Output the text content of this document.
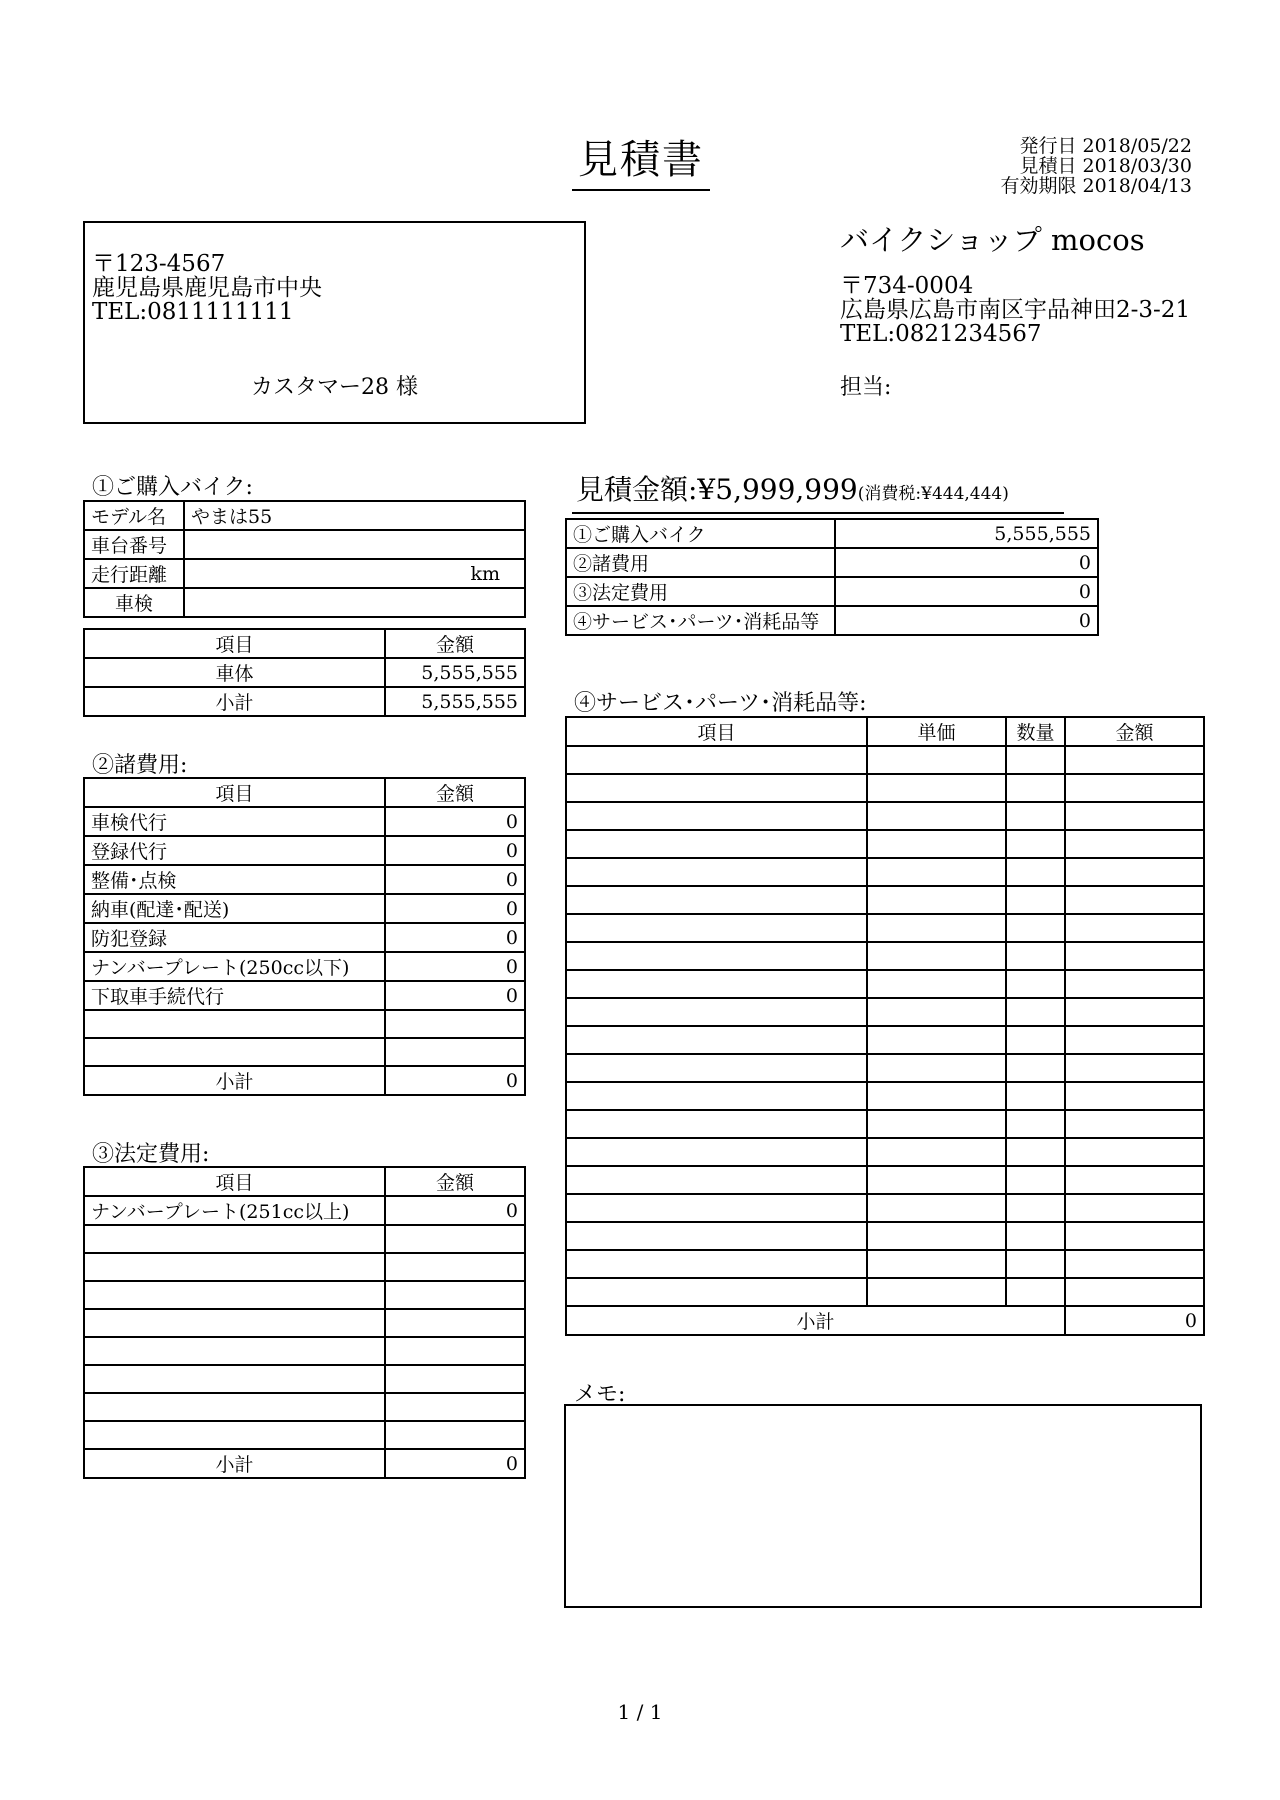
見積書	発行日 2018/05/22
見積日 2018/03/30
有効期限 2018/04/13
〒123-4567
鹿児島県鹿児島市中央
TEL:0811111111
カスタマー28 様
バイクショップ mocos
〒734-0004
広島県広島市南区宇品神田2-3-21
TEL:0821234567
担当:
見積金額:¥5,999,999(消費税:¥444,444)
①ご購入バイク	5,555,555
②諸費用	0
③法定費用	0
④サービス･パーツ･消耗品等	0
①ご購入バイク:
モデル名	やまは55
車台番号	
走行距離	km
車検	
項目	金額
車体	5,555,555
小計	5,555,555
②諸費用:
項目	金額
車検代行	0
登録代行	0
整備･点検	0
納車(配達･配送)	0
防犯登録	0
ナンバープレート(250cc以下)	0
下取車手続代行	0

小計	0
③法定費用:
項目	金額
ナンバープレート(251cc以上)	0

小計	0
④サービス･パーツ･消耗品等:
項目	単価	数量	金額

小計			0
メモ:
1 / 1
